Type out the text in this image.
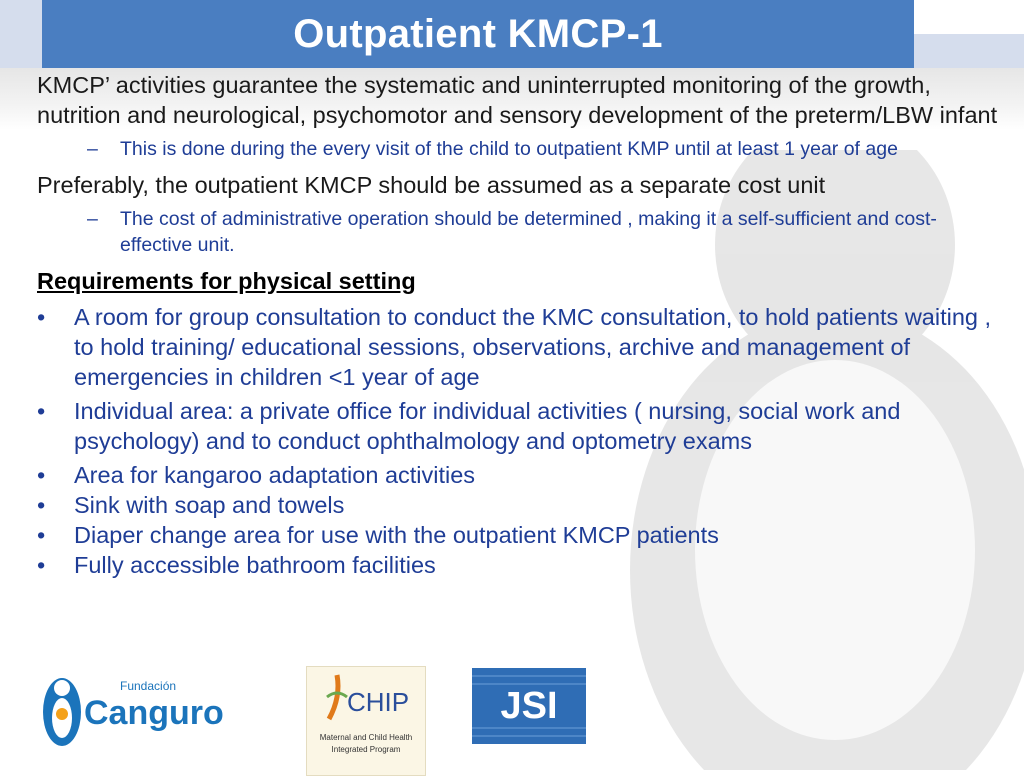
Outpatient KMCP-1

KMCP’ activities guarantee the systematic and uninterrupted monitoring of the growth, nutrition and neurological, psychomotor and sensory development of the preterm/LBW infant

– This is done during the every visit of the child to outpatient KMP until at least 1 year of age

Preferably, the outpatient KMCP should be assumed as a separate cost unit

– The cost of administrative operation should be determined , making it a self-sufficient and cost-effective unit.
Requirements for physical setting
• A room for group consultation to conduct the KMC consultation, to hold patients waiting , to hold training/ educational sessions, observations, archive and management of emergencies in children <1 year of age
• Individual area: a private office for individual activities ( nursing, social work and psychology) and to conduct ophthalmology and optometry exams
• Area for kangaroo adaptation activities
• Sink with soap and towels
• Diaper change area for use with the outpatient KMCP patients
• Fully accessible bathroom facilities
Fundación
Canguro	CHIP
Maternal and Child Health
Integrated Program
JSI
